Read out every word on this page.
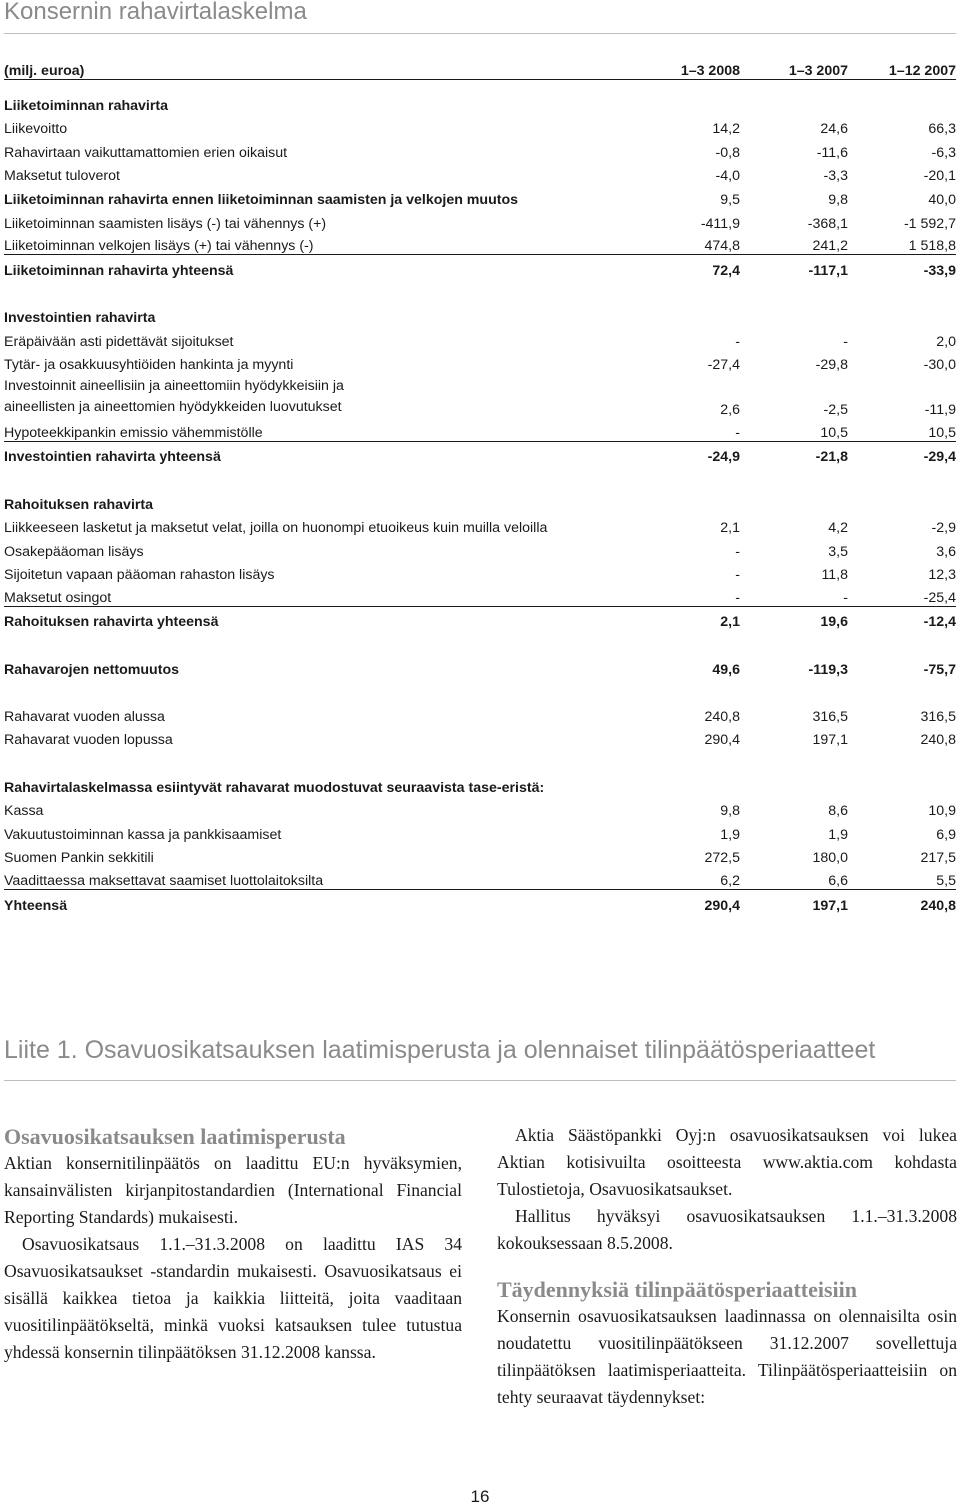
Konsernin rahavirtalaskelma
(milj. euroa)	1–3 2008	1–3 2007	1–12 2007
Liiketoiminnan rahavirta
Liikevoitto	14,2	24,6	66,3
Rahavirtaan vaikuttamattomien erien oikaisut	-0,8	-11,6	-6,3
Maksetut tuloverot	-4,0	-3,3	-20,1
Liiketoiminnan rahavirta ennen liiketoiminnan saamisten ja velkojen muutos	9,5	9,8	40,0
Liiketoiminnan saamisten lisäys (-) tai vähennys (+)	-411,9	-368,1	-1 592,7
Liiketoiminnan velkojen lisäys (+) tai vähennys (-)	474,8	241,2	1 518,8
Liiketoiminnan rahavirta yhteensä	72,4	-117,1	-33,9
Investointien rahavirta
Eräpäivään asti pidettävät sijoitukset	-	-	2,0
Tytär- ja osakkuusyhtiöiden hankinta ja myynti	-27,4	-29,8	-30,0
Investoinnit aineellisiin ja aineettomiin hyödykkeisiin ja
aineellisten ja aineettomien hyödykkeiden luovutukset	2,6	-2,5	-11,9
Hypoteekkipankin emissio vähemmistölle	-	10,5	10,5
Investointien rahavirta yhteensä	-24,9	-21,8	-29,4
Rahoituksen rahavirta
Liikkeeseen lasketut ja maksetut velat, joilla on huonompi etuoikeus kuin muilla veloilla	2,1	4,2	-2,9
Osakepääoman lisäys	-	3,5	3,6
Sijoitetun vapaan pääoman rahaston lisäys	-	11,8	12,3
Maksetut osingot	-	-	-25,4
Rahoituksen rahavirta yhteensä	2,1	19,6	-12,4
Rahavarojen nettomuutos	49,6	-119,3	-75,7
Rahavarat vuoden alussa	240,8	316,5	316,5
Rahavarat vuoden lopussa	290,4	197,1	240,8
Rahavirtalaskelmassa esiintyvät rahavarat muodostuvat seuraavista tase-eristä:
Kassa	9,8	8,6	10,9
Vakuutustoiminnan kassa ja pankkisaamiset	1,9	1,9	6,9
Suomen Pankin sekkitili	272,5	180,0	217,5
Vaadittaessa maksettavat saamiset luottolaitoksilta	6,2	6,6	5,5
Yhteensä	290,4	197,1	240,8
Liite 1. Osavuosikatsauksen laatimisperusta ja olennaiset tilinpäätösperiaatteet
Osavuosikatsauksen laatimisperusta

Aktian konsernitilinpäätös on laadittu EU:n hyväksymien, kansainvälisten kirjanpitostandardien (International Financial Reporting Standards) mukaisesti.

Osavuosikatsaus 1.1.–31.3.2008 on laadittu IAS 34 Osavuosikatsaukset -standardin mukaisesti. Osavuosikatsaus ei sisällä kaikkea tietoa ja kaikkia liitteitä, joita vaaditaan vuositilinpäätökseltä, minkä vuoksi katsauksen tulee tutustua yhdessä konsernin tilinpäätöksen 31.12.2008 kanssa.

Aktia Säästöpankki Oyj:n osavuosikatsauksen voi lukea Aktian kotisivuilta osoitteesta www.aktia.com kohdasta Tulostietoja, Osavuosikatsaukset.

Hallitus hyväksyi osavuosikatsauksen 1.1.–31.3.2008 kokouksessaan 8.5.2008.

Täydennyksiä tilinpäätösperiaatteisiin

Konsernin osavuosikatsauksen laadinnassa on olennaisilta osin noudatettu vuositilinpäätökseen 31.12.2007 sovellettuja tilinpäätöksen laatimisperiaatteita. Tilinpäätösperiaatteisiin on tehty seuraavat täydennykset:

16
